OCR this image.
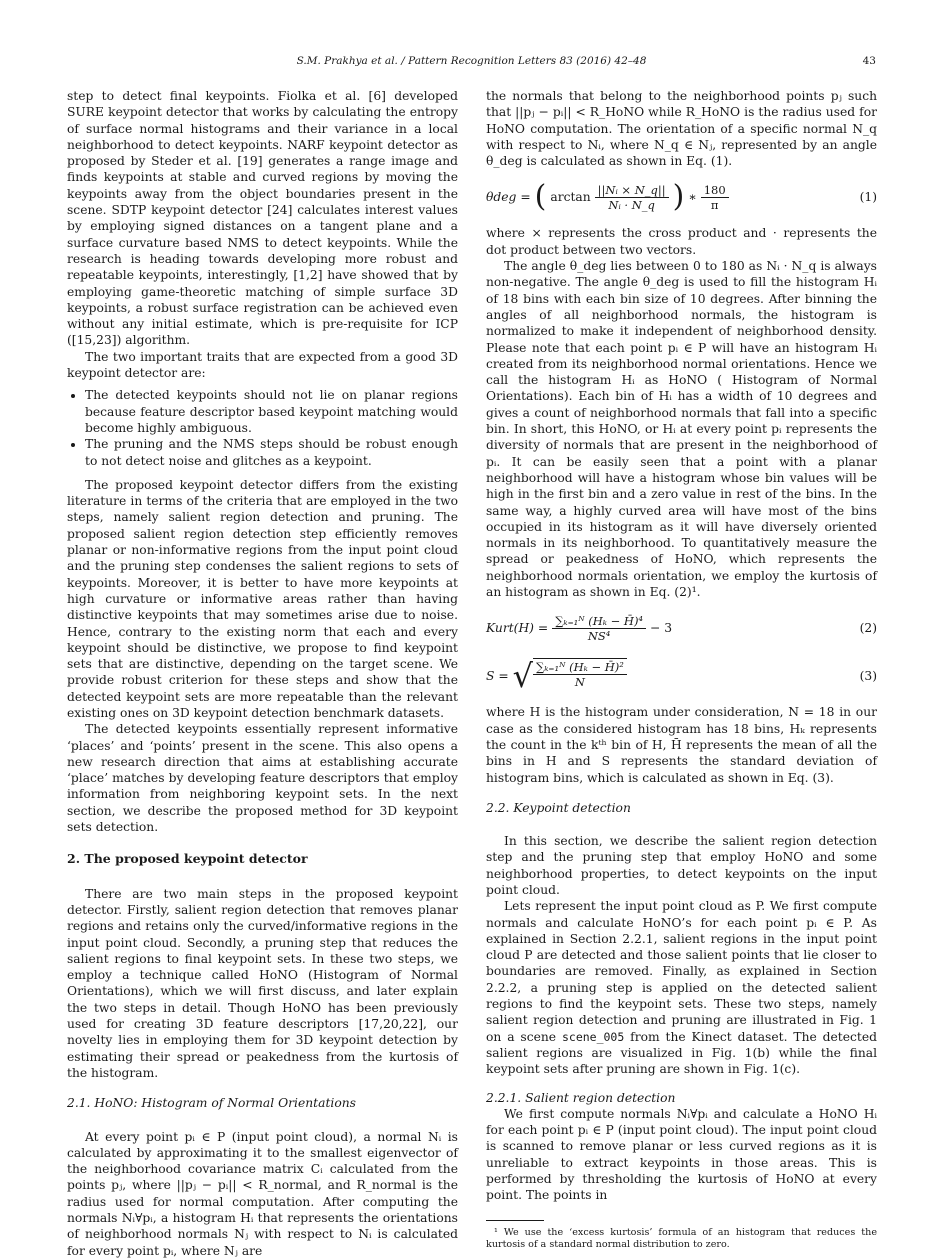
S.M. Prakhya et al. / Pattern Recognition Letters 83 (2016) 42–48	43

step to detect final keypoints. Fiolka et al. [6] developed SURE keypoint detector that works by calculating the entropy of surface normal histograms and their variance in a local neighborhood to detect keypoints. NARF keypoint detector as proposed by Steder et al. [19] generates a range image and finds keypoints at stable and curved regions by moving the keypoints away from the object boundaries present in the scene. SDTP keypoint detector [24] calculates interest values by employing signed distances on a tangent plane and a surface curvature based NMS to detect keypoints. While the research is heading towards developing more robust and repeatable keypoints, interestingly, [1,2] have showed that by employing game-theoretic matching of simple surface 3D keypoints, a robust surface registration can be achieved even without any initial estimate, which is pre-requisite for ICP ([15,23]) algorithm.

The two important traits that are expected from a good 3D keypoint detector are:

• The detected keypoints should not lie on planar regions because feature descriptor based keypoint matching would become highly ambiguous.
• The pruning and the NMS steps should be robust enough to not detect noise and glitches as a keypoint.

The proposed keypoint detector differs from the existing literature in terms of the criteria that are employed in the two steps, namely salient region detection and pruning. The proposed salient region detection step efficiently removes planar or non-informative regions from the input point cloud and the pruning step condenses the salient regions to sets of keypoints. Moreover, it is better to have more keypoints at high curvature or informative areas rather than having distinctive keypoints that may sometimes arise due to noise. Hence, contrary to the existing norm that each and every keypoint should be distinctive, we propose to find keypoint sets that are distinctive, depending on the target scene. We provide robust criterion for these steps and show that the detected keypoint sets are more repeatable than the relevant existing ones on 3D keypoint detection benchmark datasets.

The detected keypoints essentially represent informative ‘places’ and ‘points’ present in the scene. This also opens a new research direction that aims at establishing accurate ‘place’ matches by developing feature descriptors that employ information from neighboring keypoint sets. In the next section, we describe the proposed method for 3D keypoint sets detection.

2. The proposed keypoint detector

There are two main steps in the proposed keypoint detector. Firstly, salient region detection that removes planar regions and retains only the curved/informative regions in the input point cloud. Secondly, a pruning step that reduces the salient regions to final keypoint sets. In these two steps, we employ a technique called HoNO (Histogram of Normal Orientations), which we will first discuss, and later explain the two steps in detail. Though HoNO has been previously used for creating 3D feature descriptors [17,20,22], our novelty lies in employing them for 3D keypoint detection by estimating their spread or peakedness from the kurtosis of the histogram.

2.1. HoNO: Histogram of Normal Orientations

At every point pᵢ ∈ P (input point cloud), a normal Nᵢ is calculated by approximating it to the smallest eigenvector of the neighborhood covariance matrix Cᵢ calculated from the points pⱼ, where ||pⱼ − pᵢ|| < R_normal, and R_normal is the radius used for normal computation. After computing the normals Nᵢ∀pᵢ, a histogram Hᵢ that represents the orientations of neighborhood normals Nⱼ with respect to Nᵢ is calculated for every point pᵢ, where Nⱼ are

the normals that belong to the neighborhood points pⱼ such that ||pⱼ − pᵢ|| < R_HoNO while R_HoNO is the radius used for HoNO computation. The orientation of a specific normal N_q with respect to Nᵢ, where N_q ∈ Nⱼ, represented by an angle θ_deg is calculated as shown in Eq. (1).

θdeg = ( $\arctan \frac{\text{||Nᵢ × N\_q||}}{\text{Nᵢ · N\_q}}$ ) ∗ $\frac{180}{\pi}$	(1)

where × represents the cross product and · represents the dot product between two vectors.

The angle θ_deg lies between 0 to 180 as Nᵢ · N_q is always non-negative. The angle θ_deg is used to fill the histogram Hᵢ of 18 bins with each bin size of 10 degrees. After binning the angles of all neighborhood normals, the histogram is normalized to make it independent of neighborhood density. Please note that each point pᵢ ∈ P will have an histogram Hᵢ created from its neighborhood normal orientations. Hence we call the histogram Hᵢ as HoNO ( Histogram of Normal Orientations). Each bin of Hᵢ has a width of 10 degrees and gives a count of neighborhood normals that fall into a specific bin. In short, this HoNO, or Hᵢ at every point pᵢ represents the diversity of normals that are present in the neighborhood of pᵢ. It can be easily seen that a point with a planar neighborhood will have a histogram whose bin values will be high in the first bin and a zero value in rest of the bins. In the same way, a highly curved area will have most of the bins occupied in its histogram as it will have diversely oriented normals in its neighborhood. To quantitatively measure the spread or peakedness of HoNO, which represents the neighborhood normals orientation, we employ the kurtosis of an histogram as shown in Eq. (2)¹.

Kurt(H) = $\frac{\text{∑ₖ₌₁ᴺ (Hₖ − H̄)⁴}}{\text{NS⁴}} - 3$	(2)
S = √ $\frac{\text{∑ₖ₌₁ᴺ (Hₖ − H̄)²}}{N}$	(3)

where H is the histogram under consideration, N = 18 in our case as the considered histogram has 18 bins, Hₖ represents the count in the kᵗʰ bin of H, H̄ represents the mean of all the bins in H and S represents the standard deviation of histogram bins, which is calculated as shown in Eq. (3).

2.2. Keypoint detection

In this section, we describe the salient region detection step and the pruning step that employ HoNO and some neighborhood properties, to detect keypoints on the input point cloud.

Lets represent the input point cloud as P. We first compute normals and calculate HoNO’s for each point pᵢ ∈ P. As explained in Section 2.2.1, salient regions in the input point cloud P are detected and those salient points that lie closer to boundaries are removed. Finally, as explained in Section 2.2.2, a pruning step is applied on the detected salient regions to find the keypoint sets. These two steps, namely salient region detection and pruning are illustrated in Fig. 1 on a scene scene_005 from the Kinect dataset. The detected salient regions are visualized in Fig. 1(b) while the final keypoint sets after pruning are shown in Fig. 1(c).

2.2.1. Salient region detection

We first compute normals Nᵢ∀pᵢ and calculate a HoNO Hᵢ for each point pᵢ ∈ P (input point cloud). The input point cloud is scanned to remove planar or less curved regions as it is unreliable to extract keypoints in those areas. This is performed by thresholding the kurtosis of HoNO at every point. The points in

¹ We use the ‘excess kurtosis’ formula of an histogram that reduces the kurtosis of a standard normal distribution to zero.
